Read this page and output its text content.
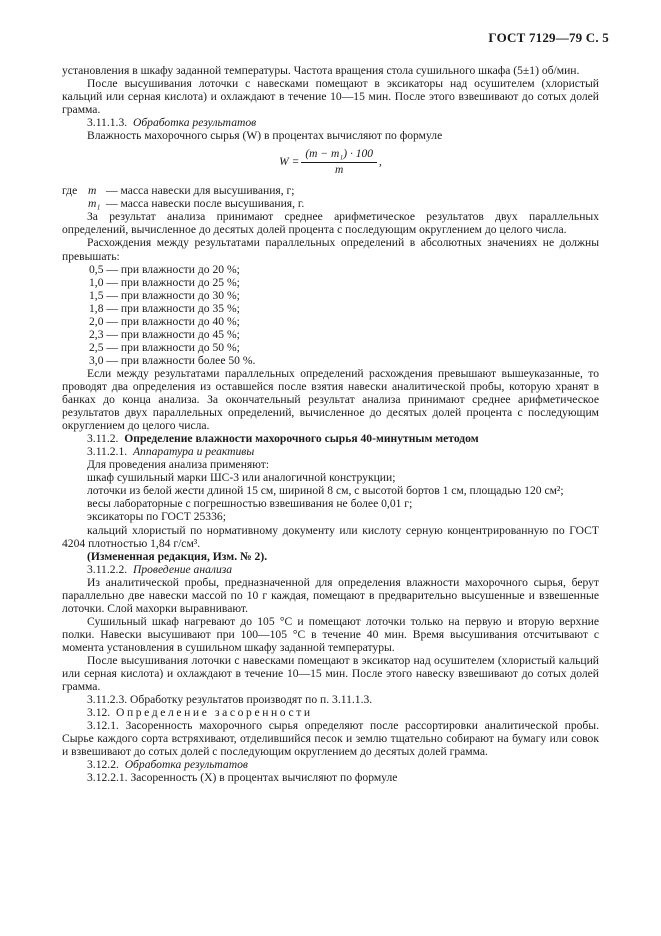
ГОСТ 7129—79 С. 5

установления в шкафу заданной температуры. Частота вращения стола сушильного шкафа (5±1) об/мин.

После высушивания лоточки с навесками помещают в эксикаторы над осушителем (хлористый кальций или серная кислота) и охлаждают в течение 10—15 мин. После этого взвешивают до сотых долей грамма.

3.11.1.3. Обработка результатов

Влажность махорочного сырья (W) в процентах вычисляют по формуле

$W = \frac{\text{(m − m₁) · 100}}{m}$ ,
где m — масса навески для высушивания, г;
m₁ — масса навески после высушивания, г.

За результат анализа принимают среднее арифметическое результатов двух параллельных определений, вычисленное до десятых долей процента с последующим округлением до целого числа.

Расхождения между результатами параллельных определений в абсолютных значениях не должны превышать:

0,5 — при влажности до 20 %;

1,0 — при влажности до 25 %;

1,5 — при влажности до 30 %;

1,8 — при влажности до 35 %;

2,0 — при влажности до 40 %;

2,3 — при влажности до 45 %;

2,5 — при влажности до 50 %;

3,0 — при влажности более 50 %.

Если между результатами параллельных определений расхождения превышают вышеуказанные, то проводят два определения из оставшейся после взятия навески аналитической пробы, которую хранят в банках до конца анализа. За окончательный результат анализа принимают среднее арифметическое результатов двух параллельных определений, вычисленное до десятых долей процента с последующим округлением до целого числа.

3.11.2. Определение влажности махорочного сырья 40-минутным методом

3.11.2.1. Аппаратура и реактивы

Для проведения анализа применяют:

шкаф сушильный марки ШС-3 или аналогичной конструкции;

лоточки из белой жести длиной 15 см, шириной 8 см, с высотой бортов 1 см, площадью 120 см²;

весы лабораторные с погрешностью взвешивания не более 0,01 г;

эксикаторы по ГОСТ 25336;

кальций хлористый по нормативному документу или кислоту серную концентрированную по ГОСТ 4204 плотностью 1,84 г/см³.

(Измененная редакция, Изм. № 2).

3.11.2.2. Проведение анализа

Из аналитической пробы, предназначенной для определения влажности махорочного сырья, берут параллельно две навески массой по 10 г каждая, помещают в предварительно высушенные и взвешенные лоточки. Слой махорки выравнивают.

Сушильный шкаф нагревают до 105 °С и помещают лоточки только на первую и вторую верхние полки. Навески высушивают при 100—105 °С в течение 40 мин. Время высушивания отсчитывают с момента установления в сушильном шкафу заданной температуры.

После высушивания лоточки с навесками помещают в эксикатор над осушителем (хлористый кальций или серная кислота) и охлаждают в течение 10—15 мин. После этого навеску взвешивают до сотых долей грамма.

3.11.2.3. Обработку результатов производят по п. 3.11.1.3.

3.12. Определение засоренности

3.12.1. Засоренность махорочного сырья определяют после рассортировки аналитической пробы. Сырье каждого сорта встряхивают, отделившийся песок и землю тщательно собирают на бумагу или совок и взвешивают до сотых долей с последующим округлением до десятых долей грамма.

3.12.2. Обработка результатов

3.12.2.1. Засоренность (X) в процентах вычисляют по формуле
